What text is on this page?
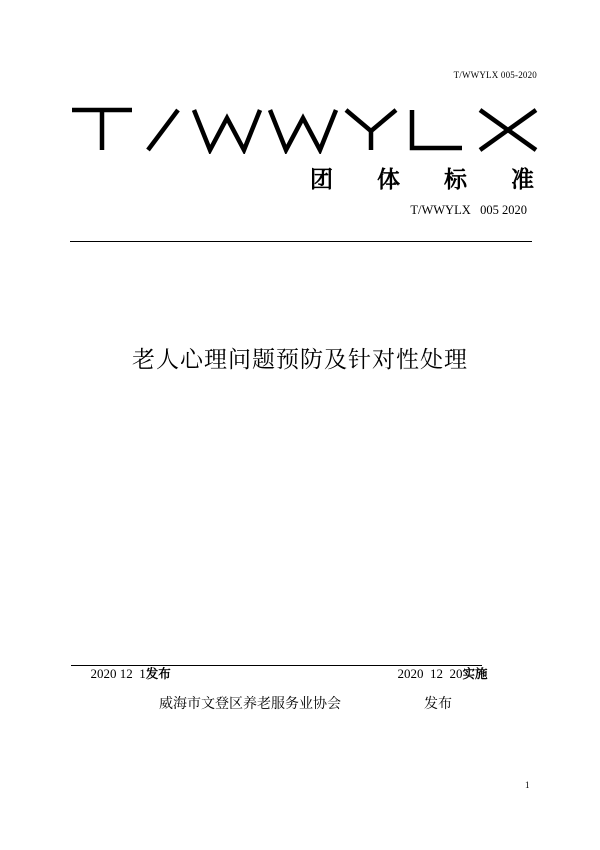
T/WWYLX 005-2020
T/WWYLX
团 体 标 准
T/WWYLX   005 2020
老人心理问题预防及针对性处理

2020 12  1发布
	2020  12  20实施

威海市文登区养老服务业协会	发布
1
